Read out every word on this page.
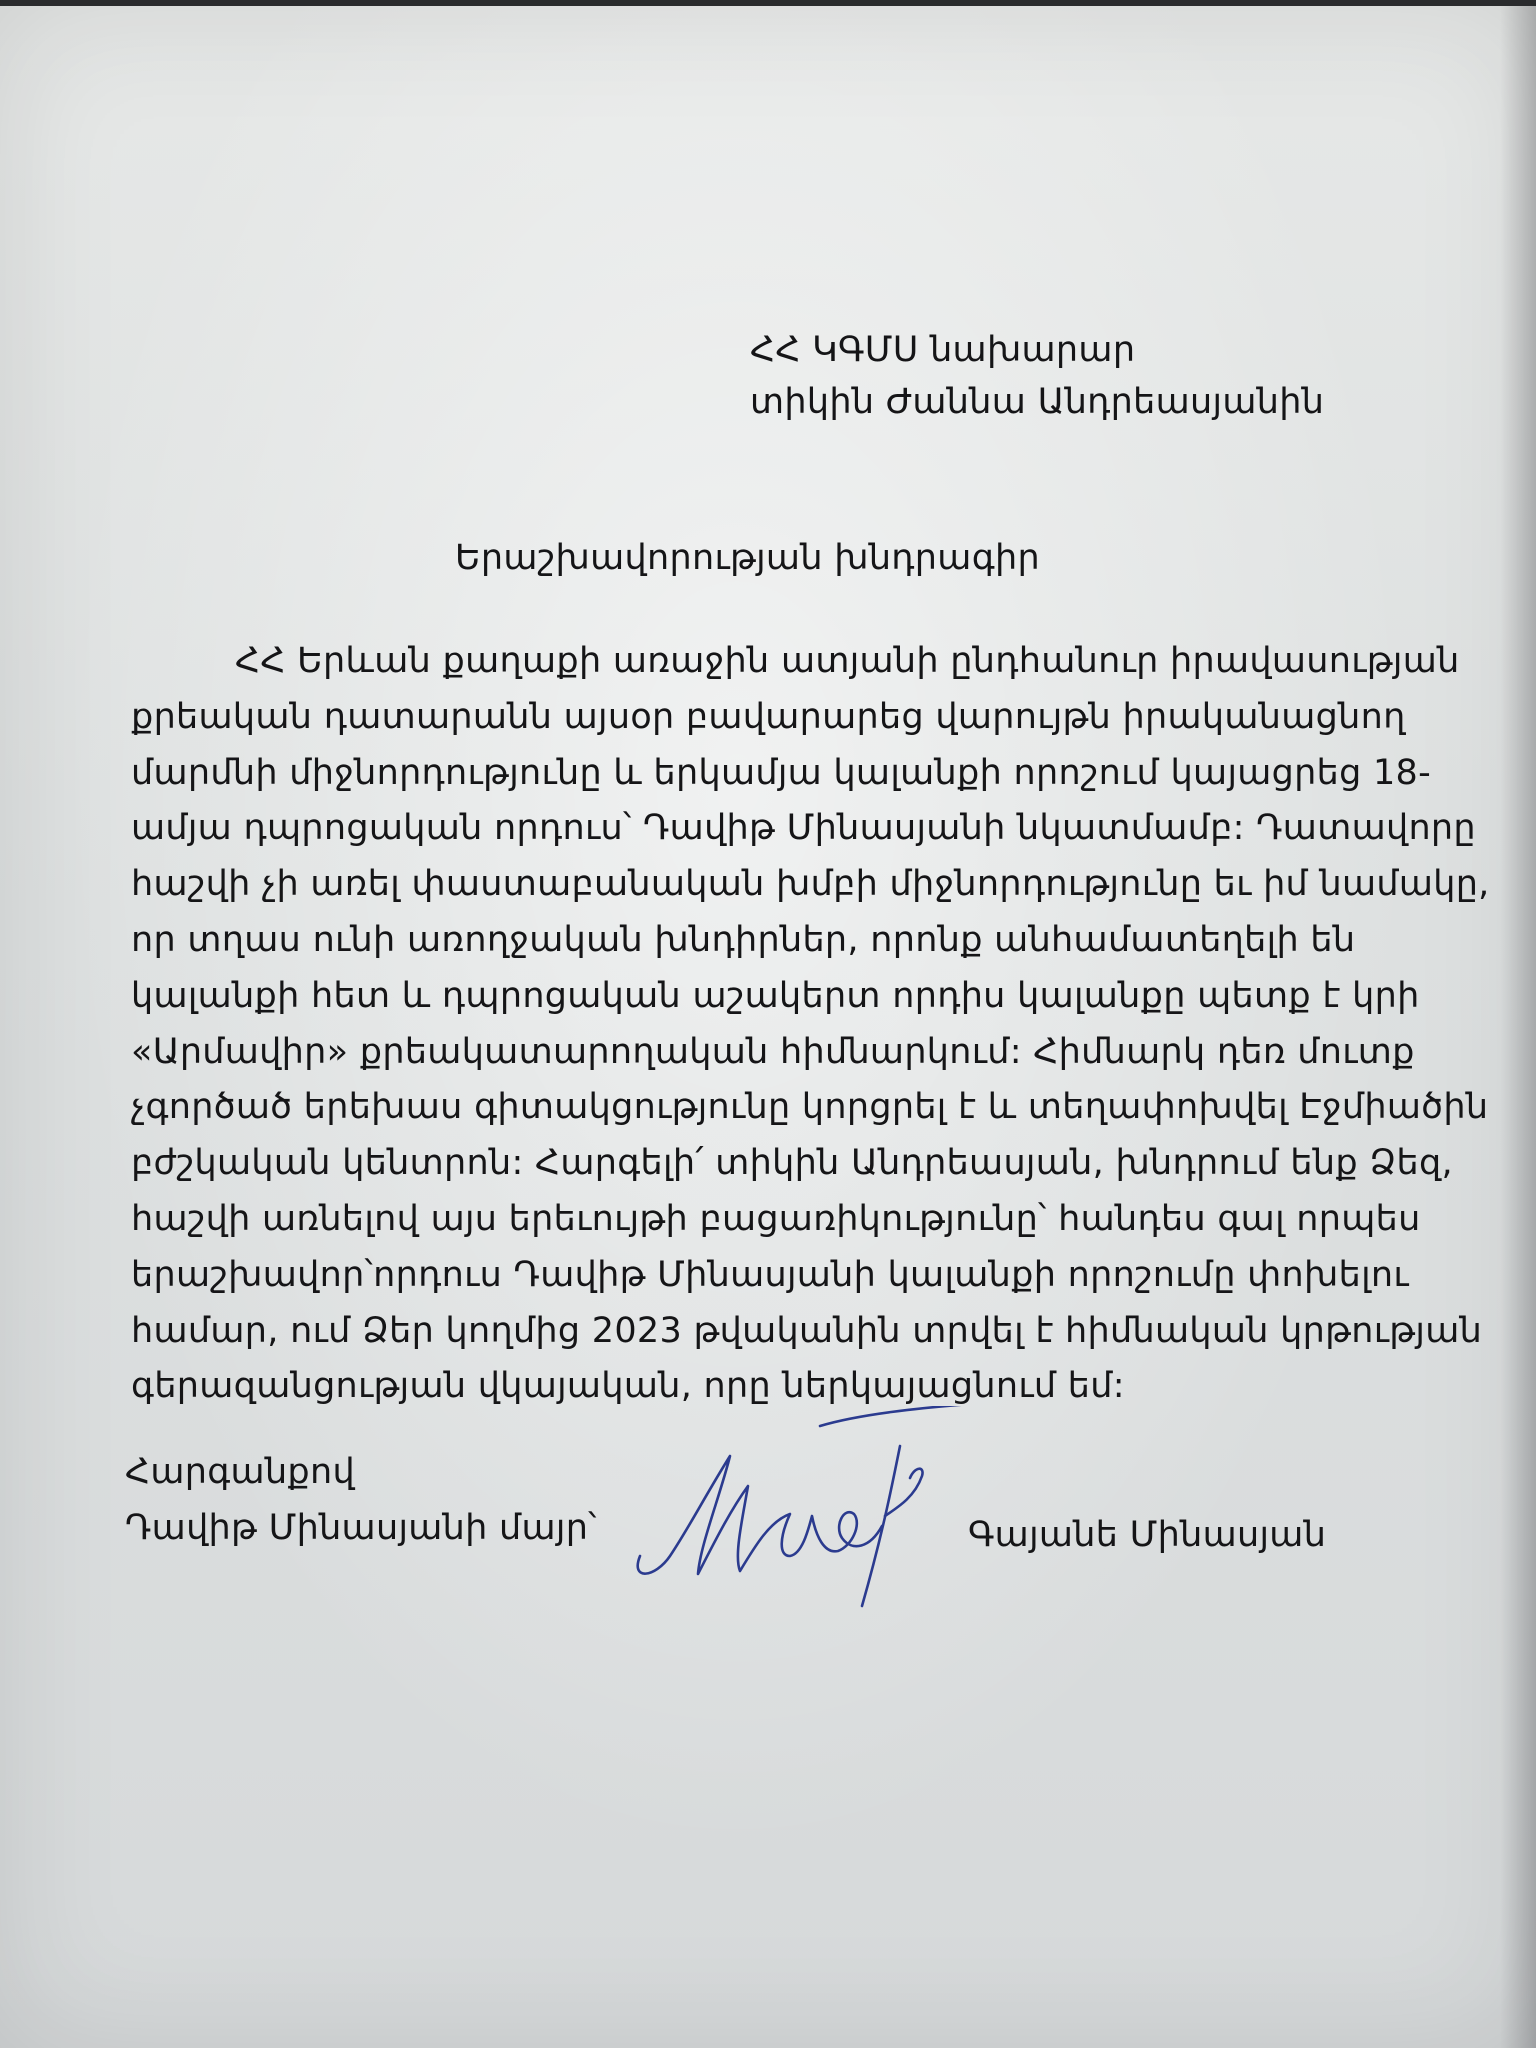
ՀՀ ԿԳՄՍ նախարար
տիկին Ժաննա Անդրեասյանին
Երաշխավորության խնդրագիր
ՀՀ Երևան քաղաքի առաջին ատյանի ընդհանուր իրավասության
քրեական դատարանն այսօր բավարարեց վարույթն իրականացնող
մարմնի միջնորդությունը և երկամյա կալանքի որոշում կայացրեց 18-
ամյա դպրոցական որդուս՝ Դավիթ Մինասյանի նկատմամբ: Դատավորը
հաշվի չի առել փաստաբանական խմբի միջնորդությունը եւ իմ նամակը,
որ տղաս ունի առողջական խնդիրներ, որոնք անհամատեղելի են
կալանքի հետ և դպրոցական աշակերտ որդիս կալանքը պետք է կրի
«Արմավիր» քրեակատարողական հիմնարկում: Հիմնարկ դեռ մուտք
չգործած երեխաս գիտակցությունը կորցրել է և տեղափոխվել Էջմիածին
բժշկական կենտրոն: Հարգելի՛ տիկին Անդրեասյան, խնդրում ենք Ձեզ,
հաշվի առնելով այս երեւույթի բացառիկությունը՝ հանդես գալ որպես
երաշխավոր՝որդուս Դավիթ Մինասյանի կալանքի որոշումը փոխելու
համար, ում Ձեր կողմից 2023 թվականին տրվել է հիմնական կրթության
գերազանցության վկայական, որը ներկայացնում եմ:
Հարգանքով
Դավիթ Մինասյանի մայր՝	Գայանե Մինասյան
